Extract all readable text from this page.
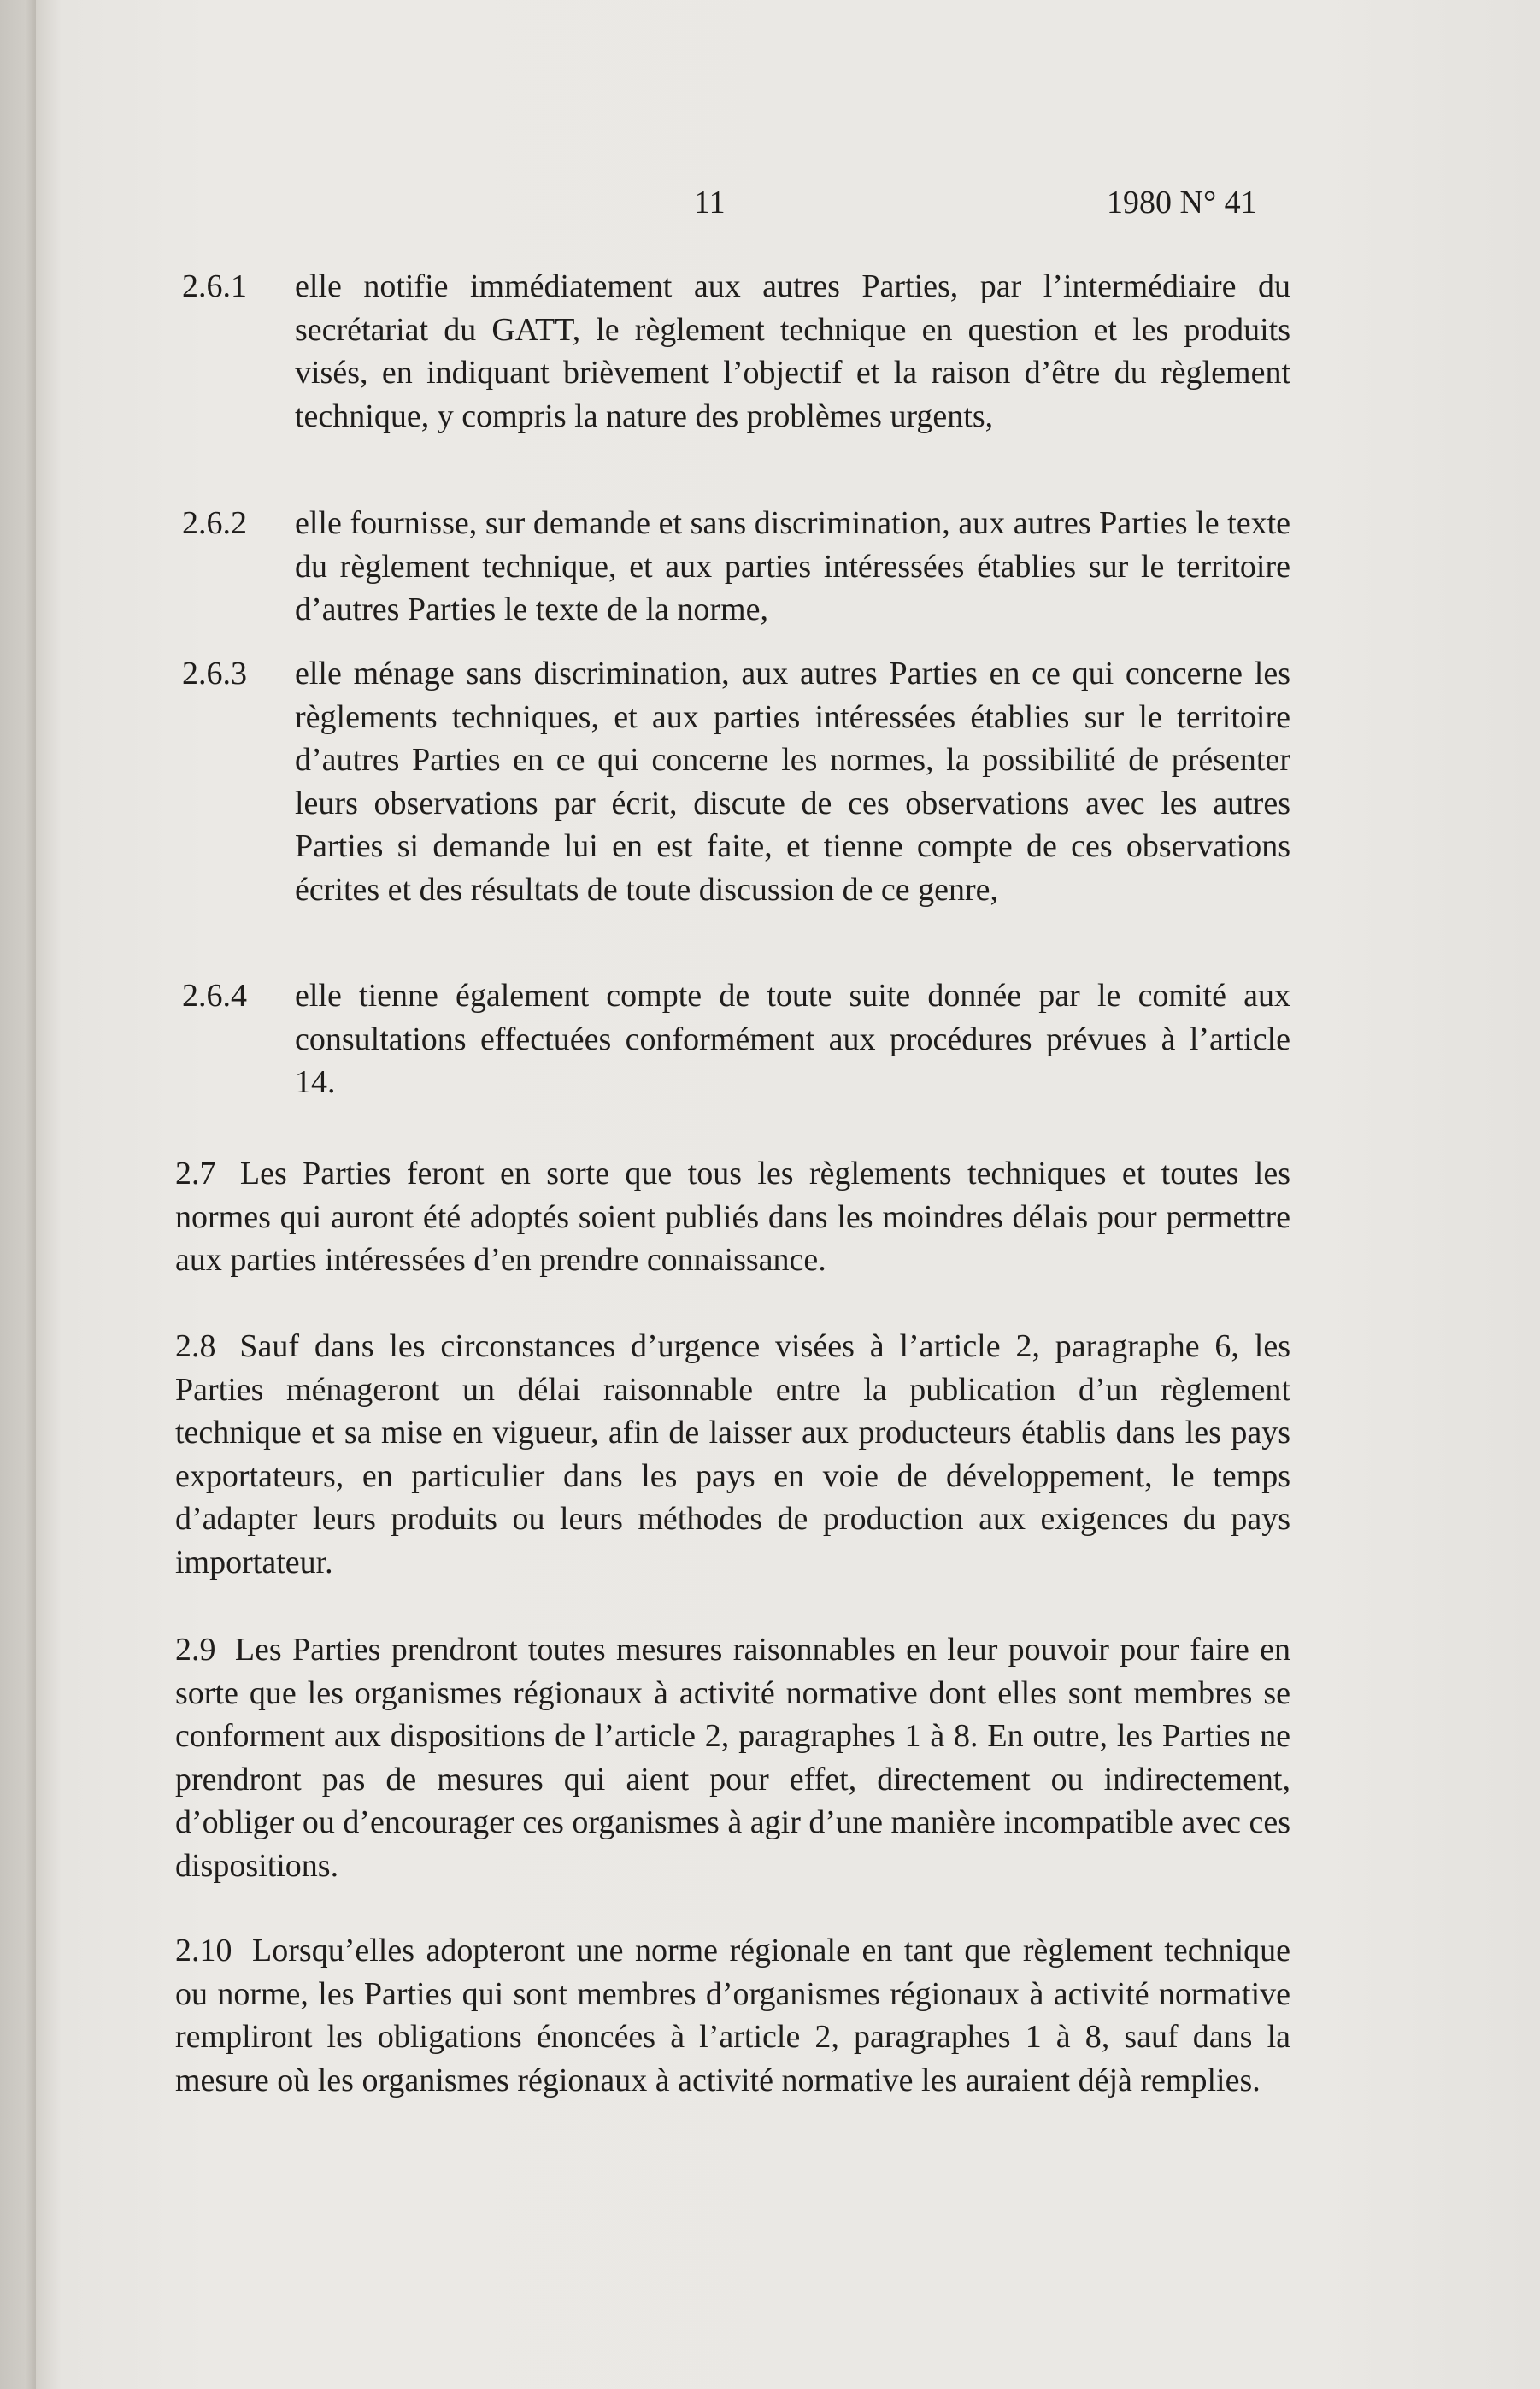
11	1980 N° 41
2.6.1	elle notifie immédiatement aux autres Parties, par l’intermédiaire du secrétariat du GATT, le règlement technique en question et les produits visés, en indiquant brièvement l’objectif et la raison d’être du règlement technique, y compris la nature des problèmes urgents,
2.6.2	elle fournisse, sur demande et sans discrimination, aux autres Parties le texte du règlement technique, et aux parties intéressées établies sur le territoire d’autres Parties le texte de la norme,
2.6.3	elle ménage sans discrimination, aux autres Parties en ce qui concerne les règlements techniques, et aux parties intéressées établies sur le territoire d’autres Parties en ce qui concerne les normes, la possibilité de présenter leurs observations par écrit, discute de ces observations avec les autres Parties si demande lui en est faite, et tienne compte de ces observations écrites et des résultats de toute discussion de ce genre,
2.6.4	elle tienne également compte de toute suite donnée par le comité aux consultations effectuées conformément aux procédures prévues à l’article 14.
2.7 Les Parties feront en sorte que tous les règlements techniques et toutes les normes qui auront été adoptés soient publiés dans les moindres délais pour permettre aux parties intéressées d’en prendre connaissance.
2.8 Sauf dans les circonstances d’urgence visées à l’article 2, paragraphe 6, les Parties ménageront un délai raisonnable entre la publication d’un règlement technique et sa mise en vigueur, afin de laisser aux producteurs établis dans les pays exportateurs, en particulier dans les pays en voie de développement, le temps d’adapter leurs produits ou leurs méthodes de production aux exigences du pays importateur.
2.9 Les Parties prendront toutes mesures raisonnables en leur pouvoir pour faire en sorte que les organismes régionaux à activité normative dont elles sont membres se conforment aux dispositions de l’article 2, paragraphes 1 à 8. En outre, les Parties ne prendront pas de mesures qui aient pour effet, directement ou indirectement, d’obliger ou d’encourager ces organismes à agir d’une manière incompatible avec ces dispositions.
2.10 Lorsqu’elles adopteront une norme régionale en tant que règlement technique ou norme, les Parties qui sont membres d’organismes régionaux à activité normative rempliront les obligations énoncées à l’article 2, paragraphes 1 à 8, sauf dans la mesure où les organismes régionaux à activité normative les auraient déjà remplies.
